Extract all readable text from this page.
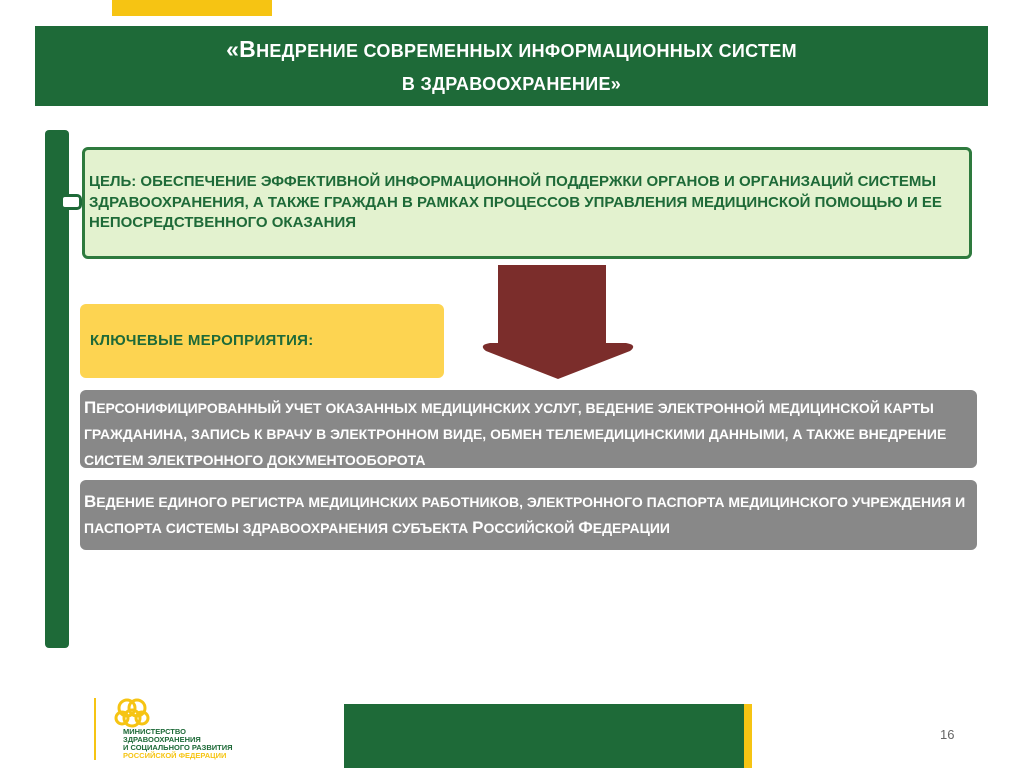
«ВНЕДРЕНИЕ СОВРЕМЕННЫХ ИНФОРМАЦИОННЫХ СИСТЕМ
В ЗДРАВООХРАНЕНИЕ»
ЦЕЛЬ: ОБЕСПЕЧЕНИЕ ЭФФЕКТИВНОЙ ИНФОРМАЦИОННОЙ ПОДДЕРЖКИ ОРГАНОВ И ОРГАНИЗАЦИЙ СИСТЕМЫ ЗДРАВООХРАНЕНИЯ, А ТАКЖЕ ГРАЖДАН В РАМКАХ ПРОЦЕССОВ УПРАВЛЕНИЯ МЕДИЦИНСКОЙ ПОМОЩЬЮ И ЕЕ НЕПОСРЕДСТВЕННОГО ОКАЗАНИЯ
КЛЮЧЕВЫЕ МЕРОПРИЯТИЯ:
ПЕРСОНИФИЦИРОВАННЫЙ УЧЕТ ОКАЗАННЫХ МЕДИЦИНСКИХ УСЛУГ, ВЕДЕНИЕ ЭЛЕКТРОННОЙ МЕДИЦИНСКОЙ КАРТЫ ГРАЖДАНИНА, ЗАПИСЬ К ВРАЧУ В ЭЛЕКТРОННОМ ВИДЕ, ОБМЕН ТЕЛЕМЕДИЦИНСКИМИ ДАННЫМИ, А ТАКЖЕ ВНЕДРЕНИЕ СИСТЕМ ЭЛЕКТРОННОГО ДОКУМЕНТООБОРОТА
ВЕДЕНИЕ ЕДИНОГО РЕГИСТРА МЕДИЦИНСКИХ РАБОТНИКОВ, ЭЛЕКТРОННОГО ПАСПОРТА МЕДИЦИНСКОГО УЧРЕЖДЕНИЯ И ПАСПОРТА СИСТЕМЫ ЗДРАВООХРАНЕНИЯ СУБЪЕКТА РОССИЙСКОЙ ФЕДЕРАЦИИ
МИНИСТЕРСТВО
ЗДРАВООХРАНЕНИЯ
И СОЦИАЛЬНОГО РАЗВИТИЯ
РОССИЙСКОЙ ФЕДЕРАЦИИ
16
